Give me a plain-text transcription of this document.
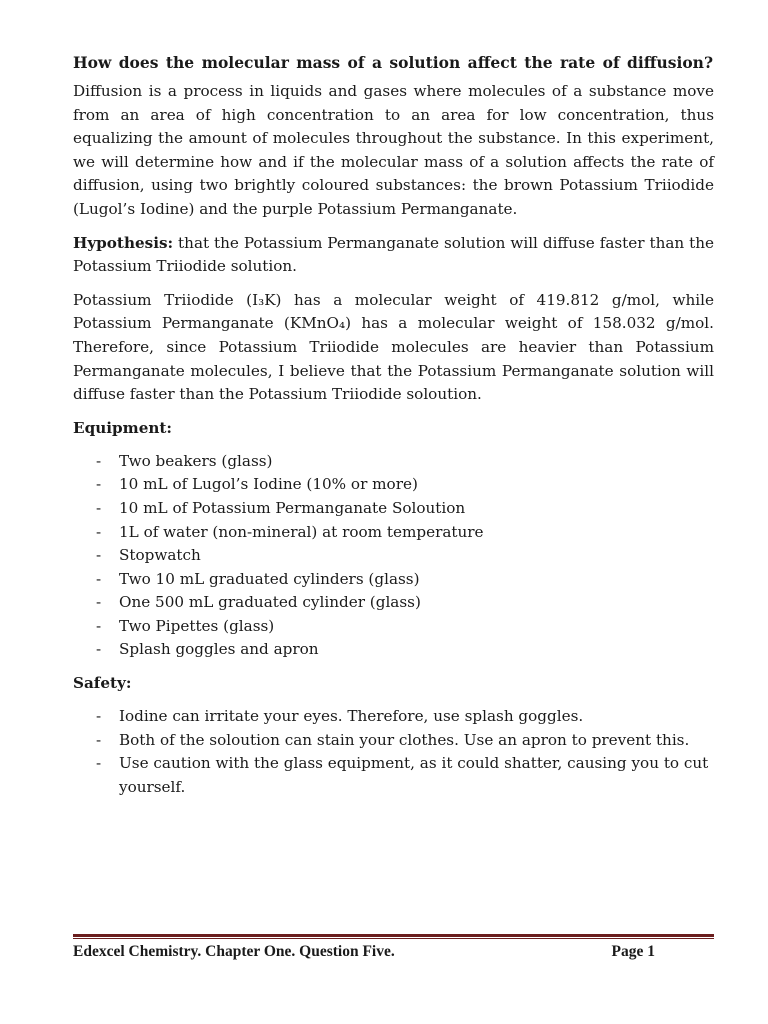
How does the molecular mass of a solution affect the rate of diffusion?

Diffusion is a process in liquids and gases where molecules of a substance move from an area of high concentration to an area for low concentration, thus equalizing the amount of molecules throughout the substance. In this experiment, we will determine how and if the molecular mass of a solution affects the rate of diffusion, using two brightly coloured substances: the brown Potassium Triiodide (Lugol’s Iodine) and the purple Potassium Permanganate.

Hypothesis: that the Potassium Permanganate solution will diffuse faster than the Potassium Triiodide solution.

Potassium Triiodide (I₃K) has a molecular weight of 419.812 g/mol, while Potassium Permanganate (KMnO₄) has a molecular weight of 158.032 g/mol. Therefore, since Potassium Triiodide molecules are heavier than Potassium Permanganate molecules, I believe that the Potassium Permanganate solution will diffuse faster than the Potassium Triiodide soloution.

Equipment:
- Two beakers (glass)
- 10 mL of Lugol’s Iodine (10% or more)
- 10 mL of Potassium Permanganate Soloution
- 1L of water (non-mineral) at room temperature
- Stopwatch
- Two 10 mL graduated cylinders (glass)
- One 500 mL graduated cylinder (glass)
- Two Pipettes (glass)
- Splash goggles and apron
Safety:
- Iodine can irritate your eyes. Therefore, use splash goggles.
- Both of the soloution can stain your clothes. Use an apron to prevent this.
- Use caution with the glass equipment, as it could shatter, causing you to cut yourself.
Edexcel Chemistry. Chapter One. Question Five.	Page 1
